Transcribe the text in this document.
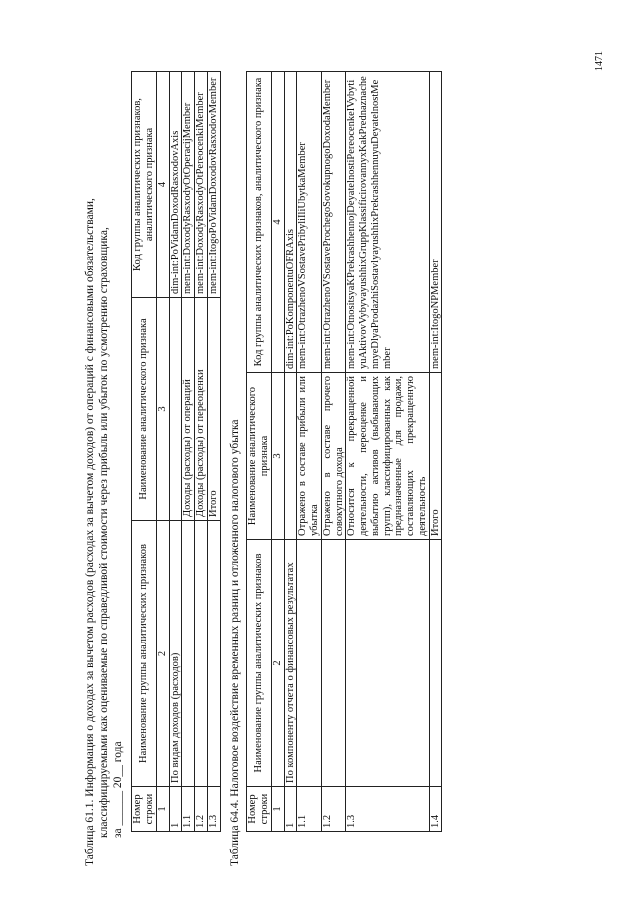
1471

Таблица 61.1. Информация о доходах за вычетом расходов (расходах за вычетом доходов) от операций с финансовыми обязательствами, классифицируемыми как оцениваемые по справедливой стоимости через прибыль или убыток по усмотрению страховщика, за ______ 20__ года Номер строки	Наименование группы аналитических признаков	Наименование аналитического признака	Код группы аналитических признаков, аналитического признака
1	2	3	4
1	По видам доходов (расходов)		dim-int:PoVidamDoxodRasxodovAxis
1.1		Доходы (расходы) от операций	mem-int:DoxodyRasxodyOtOperacijMember
1.2		Доходы (расходы) от переоценки	mem-int:DoxodyRasxodyOtPereocenkiMember
1.3		Итого	mem-int:ItogoPoVidamDoxodovRasxodovMember

Таблица 64.4. Налоговое воздействие временных разниц и отложенного налогового убытка Номер строки	Наименование группы аналитических признаков	Наименование аналитического признака	Код группы аналитических признаков, аналитического признака
1	2	3	4
1	По компоненту отчета о финансовых результатах		dim-int:PoKomponentuOFRAxis
1.1		Отражено в составе прибыли или убытка	mem-int:OtrazhenoVSostavePribyliIliUbytkaMember
1.2		Отражено в составе прочего совокупного дохода	mem-int:OtrazhenoVSostaveProchegoSovokupnogoDoxodaMember
1.3		Относится к прекращенной деятельности, переоценке и выбытию активов (выбывающих групп), классифицированных как предназначенные для продажи, составляющих прекращенную деятельность	mem-int:OtnositsyaKPrekrashhennojDeyatelnostiPereocenkeIVybytiyuAktivovVybyvayushhixGruppKlassificirovannyxKakPrednaznachennyeDlyaProdazhiSostavlyayushhixPrekrashhennuyuDeyatelnostMember
1.4		Итого	mem-int:ItogoNPMember
